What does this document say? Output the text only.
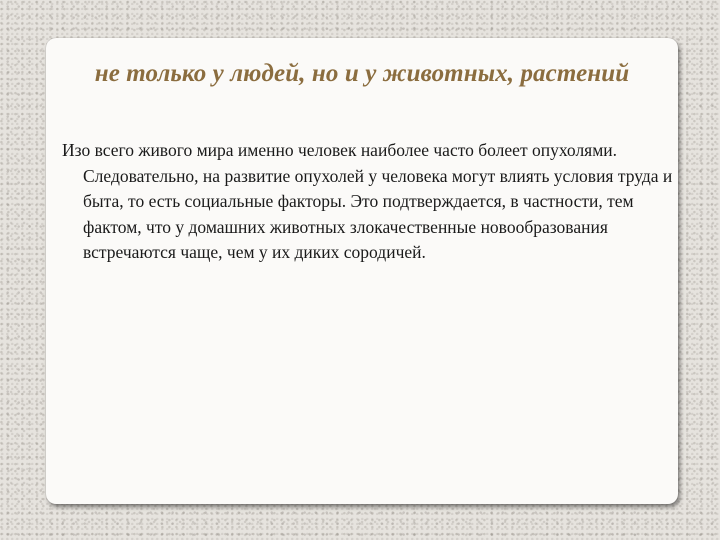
не только у людей, но и у животных, растений

Изо всего живого мира именно человек наиболее часто болеет опухолями. Следовательно, на развитие опухолей у человека могут влиять условия труда и быта, то есть социальные факторы. Это подтверждается, в частности, тем фактом, что у домашних животных злокачественные новообразования встречаются чаще, чем у их диких сородичей.
